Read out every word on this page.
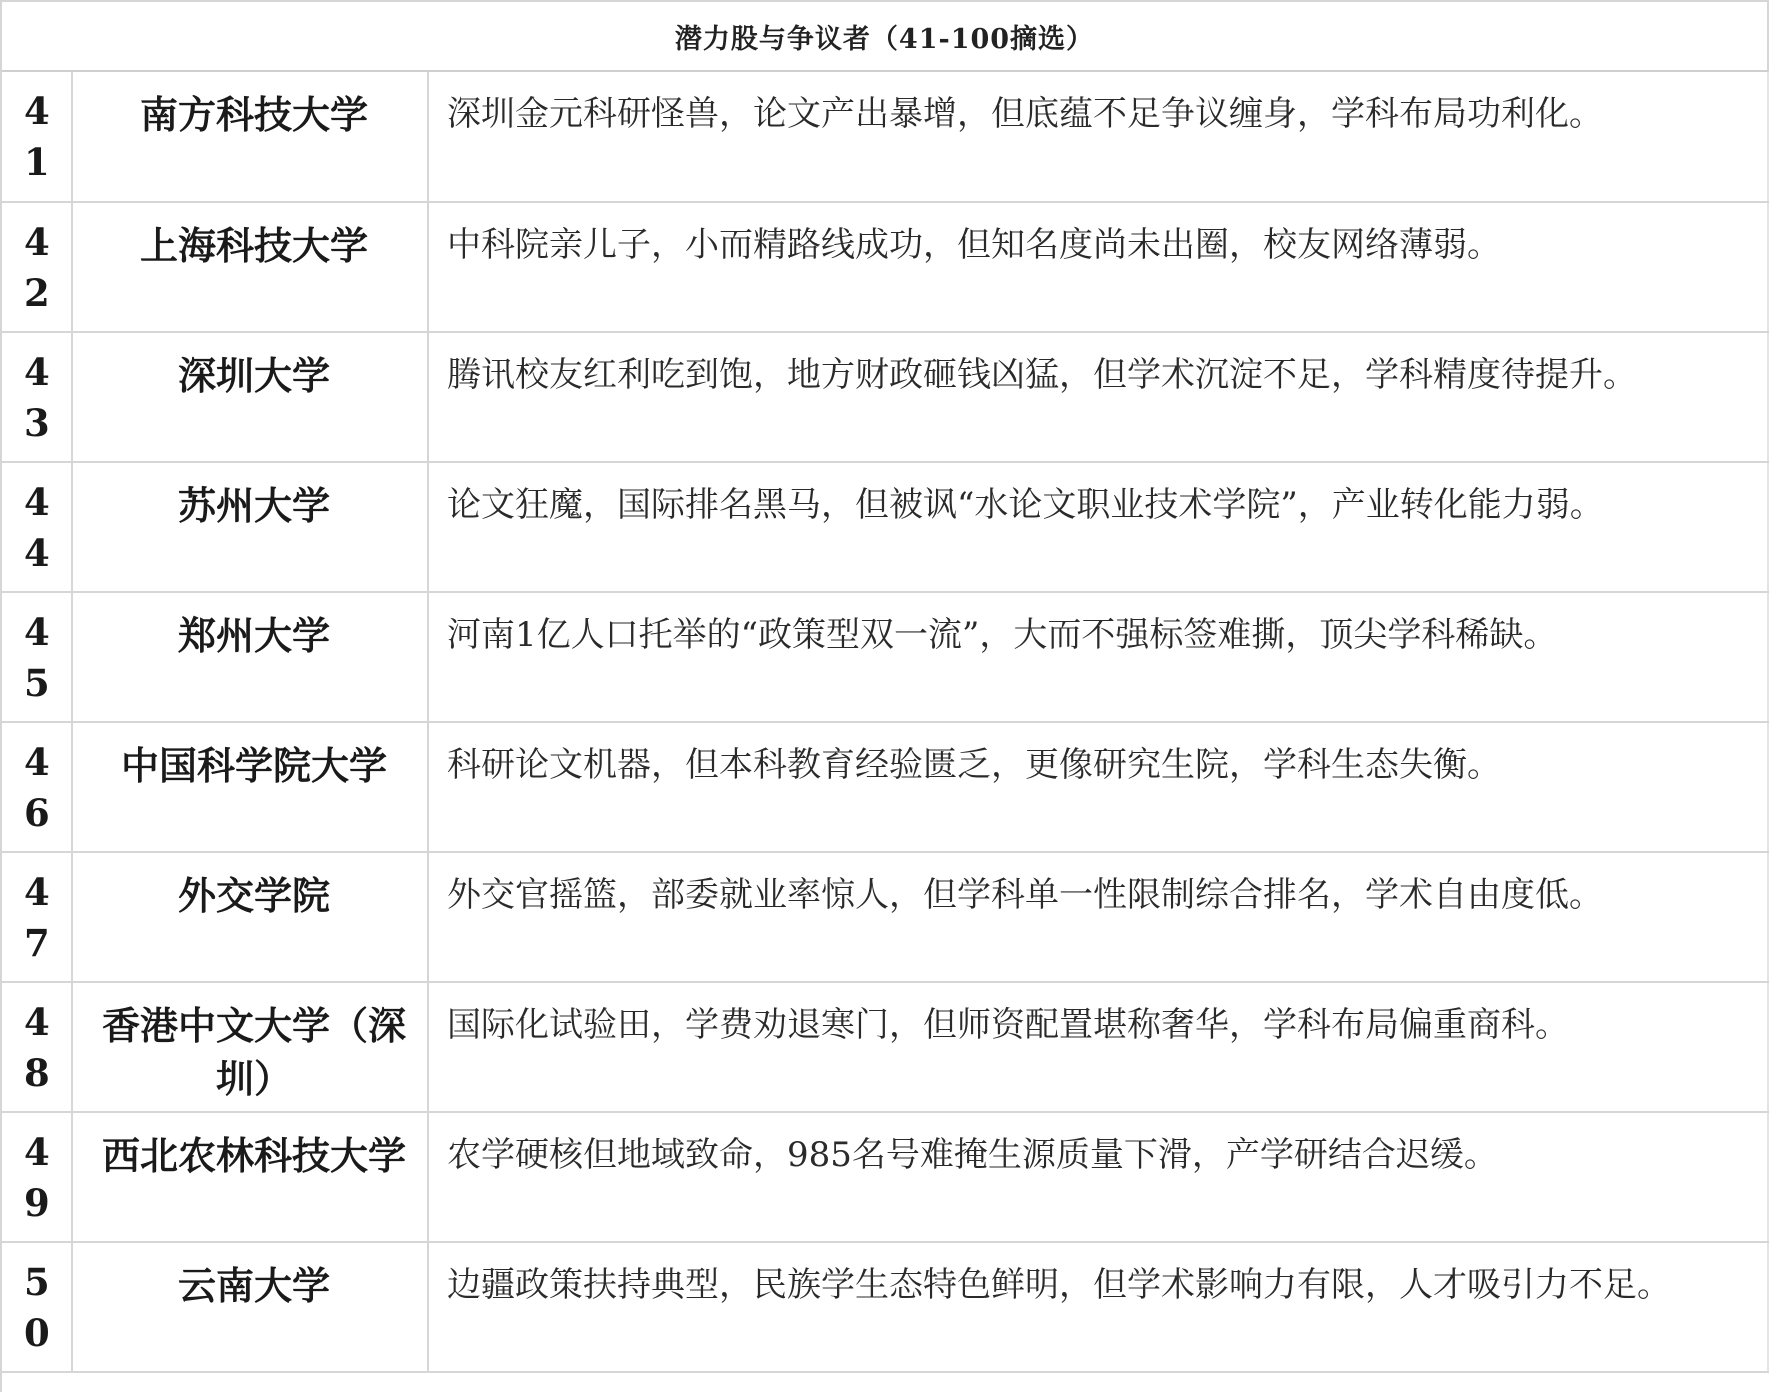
潜力股与争议者（41-100摘选）
41	南方科技大学	深圳金元科研怪兽，论文产出暴增，但底蕴不足争议缠身，学科布局功利化。

42	上海科技大学	中科院亲儿子，小而精路线成功，但知名度尚未出圈，校友网络薄弱。

43	深圳大学	腾讯校友红利吃到饱，地方财政砸钱凶猛，但学术沉淀不足，学科精度待提升。

44	苏州大学	论文狂魔，国际排名黑马，但被讽“水论文职业技术学院”，产业转化能力弱。

45	郑州大学	河南1亿人口托举的“政策型双一流”，大而不强标签难撕，顶尖学科稀缺。

46	中国科学院大学	科研论文机器，但本科教育经验匮乏，更像研究生院，学科生态失衡。

47	外交学院	外交官摇篮，部委就业率惊人，但学科单一性限制综合排名，学术自由度低。

48	香港中文大学（深圳）	国际化试验田，学费劝退寒门，但师资配置堪称奢华，学科布局偏重商科。

49	西北农林科技大学	农学硬核但地域致命，985名号难掩生源质量下滑，产学研结合迟缓。

50	云南大学	边疆政策扶持典型，民族学生态特色鲜明，但学术影响力有限，人才吸引力不足。
